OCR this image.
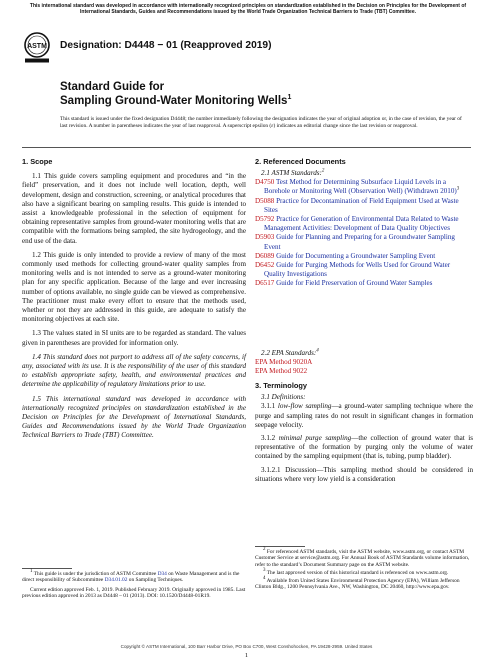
This international standard was developed in accordance with internationally recognized principles on standardization established in the Decision on Principles for the Development of International Standards, Guides and Recommendations issued by the World Trade Organization Technical Barriers to Trade (TBT) Committee.
ASTM Designation: D4448 − 01 (Reapproved 2019)
Standard Guide for
Sampling Ground-Water Monitoring Wells$^1$
This standard is issued under the fixed designation D4448; the number immediately following the designation indicates the year of original adoption or, in the case of revision, the year of last revision. A number in parentheses indicates the year of last reapproval. A superscript epsilon (ε) indicates an editorial change since the last revision or reapproval.
1. Scope

1.1 This guide covers sampling equipment and procedures and “in the field” preservation, and it does not include well location, depth, well development, design and construction, screening, or analytical procedures that also have a significant bearing on sampling results. This guide is intended to assist a knowledgeable professional in the selection of equipment for obtaining representative samples from ground-water monitoring wells that are compatible with the formations being sampled, the site hydrogeology, and the end use of the data.

1.2 This guide is only intended to provide a review of many of the most commonly used methods for collecting ground-water quality samples from monitoring wells and is not intended to serve as a ground-water monitoring plan for any specific application. Because of the large and ever increasing number of options available, no single guide can be viewed as comprehensive. The practitioner must make every effort to ensure that the methods used, whether or not they are addressed in this guide, are adequate to satisfy the monitoring objectives at each site.

1.3 The values stated in SI units are to be regarded as standard. The values given in parentheses are provided for information only.

1.4 This standard does not purport to address all of the safety concerns, if any, associated with its use. It is the responsibility of the user of this standard to establish appropriate safety, health, and environmental practices and determine the applicability of regulatory limitations prior to use.

1.5 This international standard was developed in accordance with internationally recognized principles on standardization established in the Decision on Principles for the Development of International Standards, Guides and Recommendations issued by the World Trade Organization Technical Barriers to Trade (TBT) Committee.

$^1$ This guide is under the jurisdiction of ASTM Committee D34 on Waste Management and is the direct responsibility of Subcommittee D34.01.02 on Sampling Techniques.
Current edition approved Feb. 1, 2019. Published February 2019. Originally approved in 1985. Last previous edition approved in 2013 as D4448 – 01 (2013). DOI: 10.1520/D4448-01R19.
2. Referenced Documents
2.1 ASTM Standards:$^2$
D4750 Test Method for Determining Subsurface Liquid Levels in a Borehole or Monitoring Well (Observation Well) (Withdrawn 2010)$^3$
D5088 Practice for Decontamination of Field Equipment Used at Waste Sites
D5792 Practice for Generation of Environmental Data Related to Waste Management Activities: Development of Data Quality Objectives
D5903 Guide for Planning and Preparing for a Groundwater Sampling Event
D6089 Guide for Documenting a Groundwater Sampling Event
D6452 Guide for Purging Methods for Wells Used for Ground Water Quality Investigations
D6517 Guide for Field Preservation of Ground Water Samples
2.2 EPA Standards:$^4$
EPA Method 9020A
EPA Method 9022
3. Terminology

3.1 Definitions:

3.1.1 low-flow sampling—a ground-water sampling technique where the purge and sampling rates do not result in significant changes in formation seepage velocity.

3.1.2 minimal purge sampling—the collection of ground water that is representative of the formation by purging only the volume of water contained by the sampling equipment (that is, tubing, pump bladder).

3.1.2.1 Discussion—This sampling method should be considered in situations where very low yield is a consideration

$^2$ For referenced ASTM standards, visit the ASTM website, www.astm.org, or contact ASTM Customer Service at service@astm.org. For Annual Book of ASTM Standards volume information, refer to the standard’s Document Summary page on the ASTM website.
$^3$ The last approved version of this historical standard is referenced on www.astm.org.
$^4$ Available from United States Environmental Protection Agency (EPA), William Jefferson Clinton Bldg., 1200 Pennsylvania Ave., NW, Washington, DC 20460, http://www.epa.gov.
Copyright © ASTM International, 100 Barr Harbor Drive, PO Box C700, West Conshohocken, PA 19428-2959. United States
1
